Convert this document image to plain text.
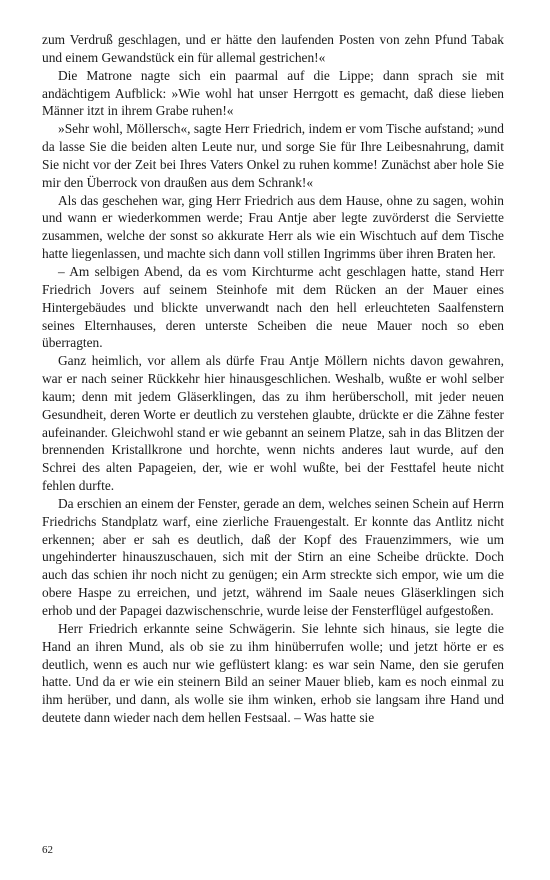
zum Verdruß geschlagen, und er hätte den laufenden Posten von zehn Pfund Tabak und einem Gewandstück ein für allemal gestrichen!«

Die Matrone nagte sich ein paarmal auf die Lippe; dann sprach sie mit andächtigem Aufblick: »Wie wohl hat unser Herrgott es gemacht, daß diese lieben Männer itzt in ihrem Grabe ruhen!«

»Sehr wohl, Möllersch«, sagte Herr Friedrich, indem er vom Tische aufstand; »und da lasse Sie die beiden alten Leute nur, und sorge Sie für Ihre Leibesnahrung, damit Sie nicht vor der Zeit bei Ihres Vaters Onkel zu ruhen komme! Zunächst aber hole Sie mir den Überrock von draußen aus dem Schrank!«

Als das geschehen war, ging Herr Friedrich aus dem Hause, ohne zu sagen, wohin und wann er wiederkommen werde; Frau Antje aber legte zuvörderst die Serviette zusammen, welche der sonst so akkurate Herr als wie ein Wischtuch auf dem Tische hatte liegenlassen, und machte sich dann voll stillen Ingrimms über ihren Braten her.

– Am selbigen Abend, da es vom Kirchturme acht geschlagen hatte, stand Herr Friedrich Jovers auf seinem Steinhofe mit dem Rücken an der Mauer eines Hintergebäudes und blickte unverwandt nach den hell erleuchteten Saalfenstern seines Elternhauses, deren unterste Scheiben die neue Mauer noch so eben überragten.

Ganz heimlich, vor allem als dürfe Frau Antje Möllern nichts davon gewahren, war er nach seiner Rückkehr hier hinausgeschlichen. Weshalb, wußte er wohl selber kaum; denn mit jedem Gläserklingen, das zu ihm herüberscholl, mit jeder neuen Gesundheit, deren Worte er deutlich zu verstehen glaubte, drückte er die Zähne fester aufeinander. Gleichwohl stand er wie gebannt an seinem Platze, sah in das Blitzen der brennenden Kristallkrone und horchte, wenn nichts anderes laut wurde, auf den Schrei des alten Papageien, der, wie er wohl wußte, bei der Festtafel heute nicht fehlen durfte.

Da erschien an einem der Fenster, gerade an dem, welches seinen Schein auf Herrn Friedrichs Standplatz warf, eine zierliche Frauengestalt. Er konnte das Antlitz nicht erkennen; aber er sah es deutlich, daß der Kopf des Frauenzimmers, wie um ungehinderter hinauszuschauen, sich mit der Stirn an eine Scheibe drückte. Doch auch das schien ihr noch nicht zu genügen; ein Arm streckte sich empor, wie um die obere Haspe zu erreichen, und jetzt, während im Saale neues Gläserklingen sich erhob und der Papagei dazwischenschrie, wurde leise der Fensterflügel aufgestoßen.

Herr Friedrich erkannte seine Schwägerin. Sie lehnte sich hinaus, sie legte die Hand an ihren Mund, als ob sie zu ihm hinüberrufen wolle; und jetzt hörte er es deutlich, wenn es auch nur wie geflüstert klang: es war sein Name, den sie gerufen hatte. Und da er wie ein steinern Bild an seiner Mauer blieb, kam es noch einmal zu ihm herüber, und dann, als wolle sie ihm winken, erhob sie langsam ihre Hand und deutete dann wieder nach dem hellen Festsaal. – Was hatte sie

62
